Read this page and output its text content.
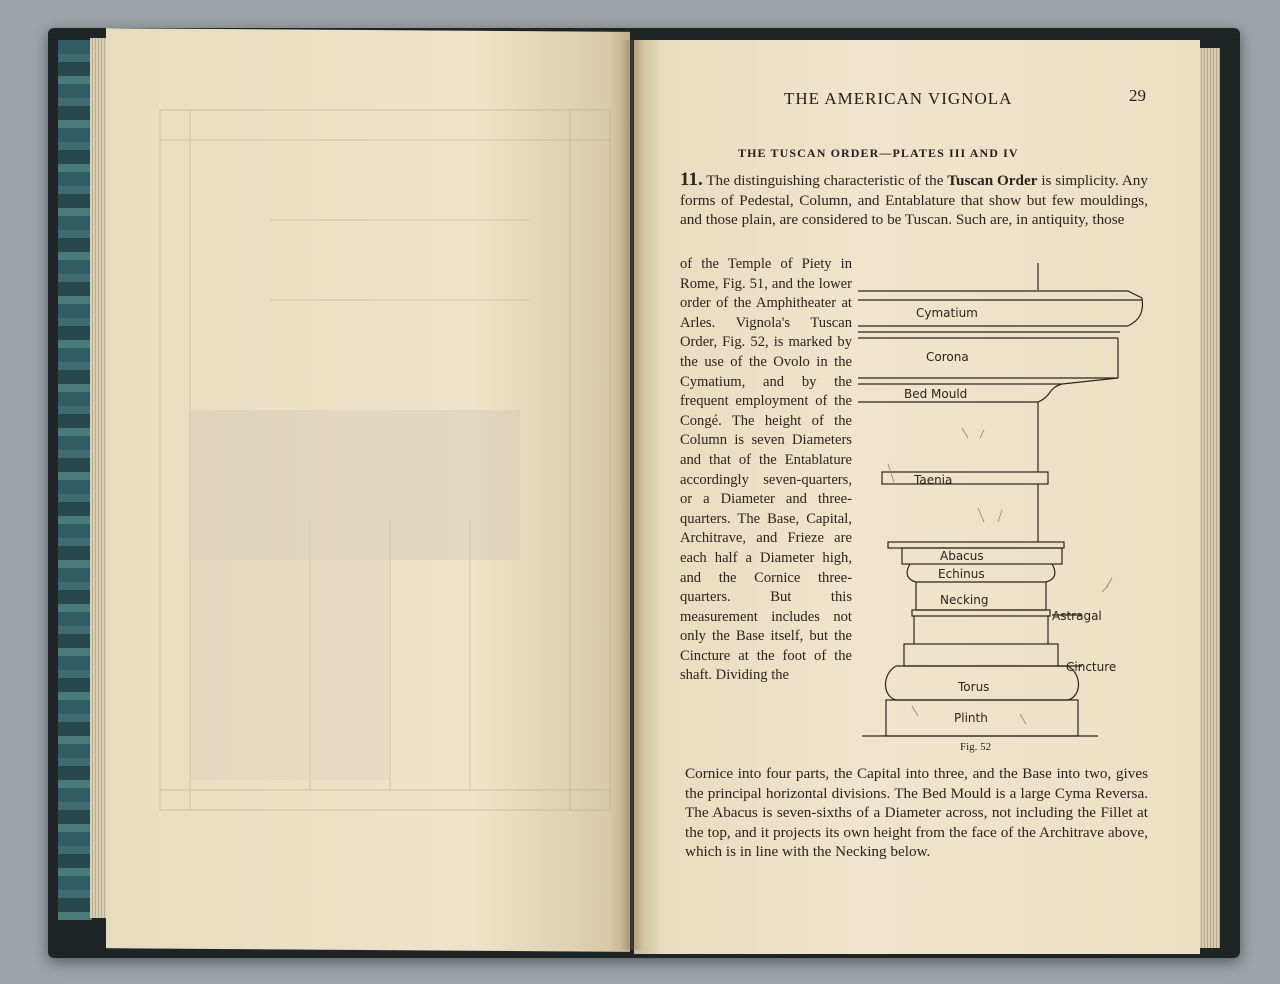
THE AMERICAN VIGNOLA	29
THE TUSCAN ORDER—PLATES III AND IV
11. The distinguishing characteristic of the Tuscan Order is simplicity. Any forms of Pedestal, Column, and Entablature that show but few mouldings, and those plain, are considered to be Tuscan. Such are, in antiquity, those
of the Temple of Piety in Rome, Fig. 51, and the lower order of the Amphitheater at Arles. Vignola's Tuscan Order, Fig. 52, is marked by the use of the Ovolo in the Cymatium, and by the frequent employment of the Congé. The height of the Column is seven Diameters and that of the Entablature accordingly seven-quarters, or a Diameter and three-quarters. The Base, Capital, Architrave, and Frieze are each half a Diameter high, and the Cornice three-quarters. But this measurement includes not only the Base itself, but the Cincture at the foot of the shaft. Dividing the
Cymatium
Corona
Bed Mould
Taenia
Abacus
Echinus
Necking
Astragal
Cincture
Torus
Plinth
Fig. 52
Cornice into four parts, the Capital into three, and the Base into two, gives the principal horizontal divisions. The Bed Mould is a large Cyma Reversa. The Abacus is seven-sixths of a Diameter across, not including the Fillet at the top, and it projects its own height from the face of the Architrave above, which is in line with the Necking below.
